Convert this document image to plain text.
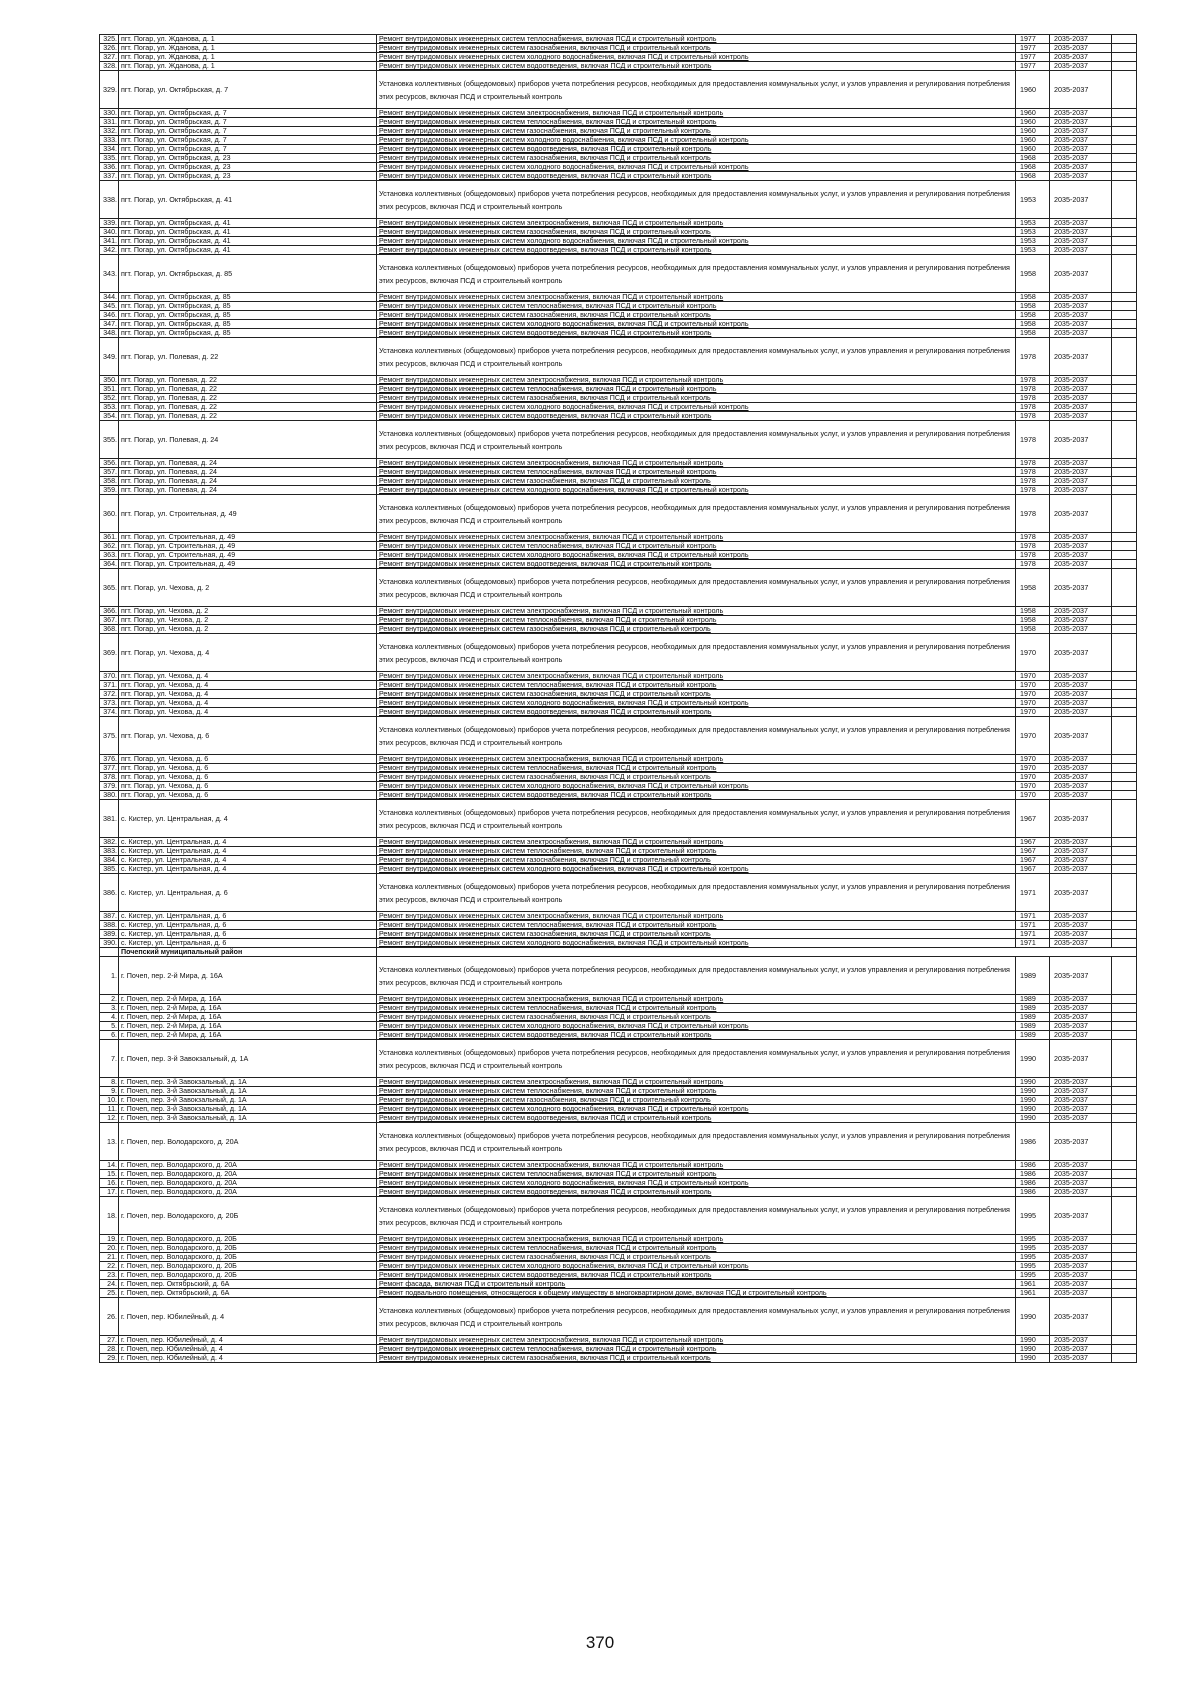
325.	пгт. Погар, ул. Жданова, д. 1	Ремонт внутридомовых инженерных систем теплоснабжения, включая ПСД и строительный контроль	1977	2035-2037	
326.	пгт. Погар, ул. Жданова, д. 1	Ремонт внутридомовых инженерных систем газоснабжения, включая ПСД и строительный контроль	1977	2035-2037	
327.	пгт. Погар, ул. Жданова, д. 1	Ремонт внутридомовых инженерных систем холодного водоснабжения, включая ПСД и строительный контроль	1977	2035-2037	
328.	пгт. Погар, ул. Жданова, д. 1	Ремонт внутридомовых инженерных систем водоотведения, включая ПСД и строительный контроль	1977	2035-2037	
329.	пгт. Погар, ул. Октябрьская, д. 7	Установка коллективных (общедомовых) приборов учета потребления ресурсов, необходимых для предоставления коммунальных услуг, и узлов управления и регулирования потребления этих ресурсов, включая ПСД и строительный контроль	1960	2035-2037	
330.	пгт. Погар, ул. Октябрьская, д. 7	Ремонт внутридомовых инженерных систем электроснабжения, включая ПСД и строительный контроль	1960	2035-2037	
331.	пгт. Погар, ул. Октябрьская, д. 7	Ремонт внутридомовых инженерных систем теплоснабжения, включая ПСД и строительный контроль	1960	2035-2037	
332.	пгт. Погар, ул. Октябрьская, д. 7	Ремонт внутридомовых инженерных систем газоснабжения, включая ПСД и строительный контроль	1960	2035-2037	
333.	пгт. Погар, ул. Октябрьская, д. 7	Ремонт внутридомовых инженерных систем холодного водоснабжения, включая ПСД и строительный контроль	1960	2035-2037	
334.	пгт. Погар, ул. Октябрьская, д. 7	Ремонт внутридомовых инженерных систем водоотведения, включая ПСД и строительный контроль	1960	2035-2037	
335.	пгт. Погар, ул. Октябрьская, д. 23	Ремонт внутридомовых инженерных систем газоснабжения, включая ПСД и строительный контроль	1968	2035-2037	
336.	пгт. Погар, ул. Октябрьская, д. 23	Ремонт внутридомовых инженерных систем холодного водоснабжения, включая ПСД и строительный контроль	1968	2035-2037	
337.	пгт. Погар, ул. Октябрьская, д. 23	Ремонт внутридомовых инженерных систем водоотведения, включая ПСД и строительный контроль	1968	2035-2037	
338.	пгт. Погар, ул. Октябрьская, д. 41	Установка коллективных (общедомовых) приборов учета потребления ресурсов, необходимых для предоставления коммунальных услуг, и узлов управления и регулирования потребления этих ресурсов, включая ПСД и строительный контроль	1953	2035-2037	
339.	пгт. Погар, ул. Октябрьская, д. 41	Ремонт внутридомовых инженерных систем электроснабжения, включая ПСД и строительный контроль	1953	2035-2037	
340.	пгт. Погар, ул. Октябрьская, д. 41	Ремонт внутридомовых инженерных систем газоснабжения, включая ПСД и строительный контроль	1953	2035-2037	
341.	пгт. Погар, ул. Октябрьская, д. 41	Ремонт внутридомовых инженерных систем холодного водоснабжения, включая ПСД и строительный контроль	1953	2035-2037	
342.	пгт. Погар, ул. Октябрьская, д. 41	Ремонт внутридомовых инженерных систем водоотведения, включая ПСД и строительный контроль	1953	2035-2037	
343.	пгт. Погар, ул. Октябрьская, д. 85	Установка коллективных (общедомовых) приборов учета потребления ресурсов, необходимых для предоставления коммунальных услуг, и узлов управления и регулирования потребления этих ресурсов, включая ПСД и строительный контроль	1958	2035-2037	
344.	пгт. Погар, ул. Октябрьская, д. 85	Ремонт внутридомовых инженерных систем электроснабжения, включая ПСД и строительный контроль	1958	2035-2037	
345.	пгт. Погар, ул. Октябрьская, д. 85	Ремонт внутридомовых инженерных систем теплоснабжения, включая ПСД и строительный контроль	1958	2035-2037	
346.	пгт. Погар, ул. Октябрьская, д. 85	Ремонт внутридомовых инженерных систем газоснабжения, включая ПСД и строительный контроль	1958	2035-2037	
347.	пгт. Погар, ул. Октябрьская, д. 85	Ремонт внутридомовых инженерных систем холодного водоснабжения, включая ПСД и строительный контроль	1958	2035-2037	
348.	пгт. Погар, ул. Октябрьская, д. 85	Ремонт внутридомовых инженерных систем водоотведения, включая ПСД и строительный контроль	1958	2035-2037	
349.	пгт. Погар, ул. Полевая, д. 22	Установка коллективных (общедомовых) приборов учета потребления ресурсов, необходимых для предоставления коммунальных услуг, и узлов управления и регулирования потребления этих ресурсов, включая ПСД и строительный контроль	1978	2035-2037	
350.	пгт. Погар, ул. Полевая, д. 22	Ремонт внутридомовых инженерных систем электроснабжения, включая ПСД и строительный контроль	1978	2035-2037	
351.	пгт. Погар, ул. Полевая, д. 22	Ремонт внутридомовых инженерных систем теплоснабжения, включая ПСД и строительный контроль	1978	2035-2037	
352.	пгт. Погар, ул. Полевая, д. 22	Ремонт внутридомовых инженерных систем газоснабжения, включая ПСД и строительный контроль	1978	2035-2037	
353.	пгт. Погар, ул. Полевая, д. 22	Ремонт внутридомовых инженерных систем холодного водоснабжения, включая ПСД и строительный контроль	1978	2035-2037	
354.	пгт. Погар, ул. Полевая, д. 22	Ремонт внутридомовых инженерных систем водоотведения, включая ПСД и строительный контроль	1978	2035-2037	
355.	пгт. Погар, ул. Полевая, д. 24	Установка коллективных (общедомовых) приборов учета потребления ресурсов, необходимых для предоставления коммунальных услуг, и узлов управления и регулирования потребления этих ресурсов, включая ПСД и строительный контроль	1978	2035-2037	
356.	пгт. Погар, ул. Полевая, д. 24	Ремонт внутридомовых инженерных систем электроснабжения, включая ПСД и строительный контроль	1978	2035-2037	
357.	пгт. Погар, ул. Полевая, д. 24	Ремонт внутридомовых инженерных систем теплоснабжения, включая ПСД и строительный контроль	1978	2035-2037	
358.	пгт. Погар, ул. Полевая, д. 24	Ремонт внутридомовых инженерных систем газоснабжения, включая ПСД и строительный контроль	1978	2035-2037	
359.	пгт. Погар, ул. Полевая, д. 24	Ремонт внутридомовых инженерных систем холодного водоснабжения, включая ПСД и строительный контроль	1978	2035-2037	
360.	пгт. Погар, ул. Строительная, д. 49	Установка коллективных (общедомовых) приборов учета потребления ресурсов, необходимых для предоставления коммунальных услуг, и узлов управления и регулирования потребления этих ресурсов, включая ПСД и строительный контроль	1978	2035-2037	
361.	пгт. Погар, ул. Строительная, д. 49	Ремонт внутридомовых инженерных систем электроснабжения, включая ПСД и строительный контроль	1978	2035-2037	
362.	пгт. Погар, ул. Строительная, д. 49	Ремонт внутридомовых инженерных систем теплоснабжения, включая ПСД и строительный контроль	1978	2035-2037	
363.	пгт. Погар, ул. Строительная, д. 49	Ремонт внутридомовых инженерных систем холодного водоснабжения, включая ПСД и строительный контроль	1978	2035-2037	
364.	пгт. Погар, ул. Строительная, д. 49	Ремонт внутридомовых инженерных систем водоотведения, включая ПСД и строительный контроль	1978	2035-2037	
365.	пгт. Погар, ул. Чехова, д. 2	Установка коллективных (общедомовых) приборов учета потребления ресурсов, необходимых для предоставления коммунальных услуг, и узлов управления и регулирования потребления этих ресурсов, включая ПСД и строительный контроль	1958	2035-2037	
366.	пгт. Погар, ул. Чехова, д. 2	Ремонт внутридомовых инженерных систем электроснабжения, включая ПСД и строительный контроль	1958	2035-2037	
367.	пгт. Погар, ул. Чехова, д. 2	Ремонт внутридомовых инженерных систем теплоснабжения, включая ПСД и строительный контроль	1958	2035-2037	
368.	пгт. Погар, ул. Чехова, д. 2	Ремонт внутридомовых инженерных систем газоснабжения, включая ПСД и строительный контроль	1958	2035-2037	
369.	пгт. Погар, ул. Чехова, д. 4	Установка коллективных (общедомовых) приборов учета потребления ресурсов, необходимых для предоставления коммунальных услуг, и узлов управления и регулирования потребления этих ресурсов, включая ПСД и строительный контроль	1970	2035-2037	
370.	пгт. Погар, ул. Чехова, д. 4	Ремонт внутридомовых инженерных систем электроснабжения, включая ПСД и строительный контроль	1970	2035-2037	
371.	пгт. Погар, ул. Чехова, д. 4	Ремонт внутридомовых инженерных систем теплоснабжения, включая ПСД и строительный контроль	1970	2035-2037	
372.	пгт. Погар, ул. Чехова, д. 4	Ремонт внутридомовых инженерных систем газоснабжения, включая ПСД и строительный контроль	1970	2035-2037	
373.	пгт. Погар, ул. Чехова, д. 4	Ремонт внутридомовых инженерных систем холодного водоснабжения, включая ПСД и строительный контроль	1970	2035-2037	
374.	пгт. Погар, ул. Чехова, д. 4	Ремонт внутридомовых инженерных систем водоотведения, включая ПСД и строительный контроль	1970	2035-2037	
375.	пгт. Погар, ул. Чехова, д. 6	Установка коллективных (общедомовых) приборов учета потребления ресурсов, необходимых для предоставления коммунальных услуг, и узлов управления и регулирования потребления этих ресурсов, включая ПСД и строительный контроль	1970	2035-2037	
376.	пгт. Погар, ул. Чехова, д. 6	Ремонт внутридомовых инженерных систем электроснабжения, включая ПСД и строительный контроль	1970	2035-2037	
377.	пгт. Погар, ул. Чехова, д. 6	Ремонт внутридомовых инженерных систем теплоснабжения, включая ПСД и строительный контроль	1970	2035-2037	
378.	пгт. Погар, ул. Чехова, д. 6	Ремонт внутридомовых инженерных систем газоснабжения, включая ПСД и строительный контроль	1970	2035-2037	
379.	пгт. Погар, ул. Чехова, д. 6	Ремонт внутридомовых инженерных систем холодного водоснабжения, включая ПСД и строительный контроль	1970	2035-2037	
380.	пгт. Погар, ул. Чехова, д. 6	Ремонт внутридомовых инженерных систем водоотведения, включая ПСД и строительный контроль	1970	2035-2037	
381.	с. Кистер, ул. Центральная, д. 4	Установка коллективных (общедомовых) приборов учета потребления ресурсов, необходимых для предоставления коммунальных услуг, и узлов управления и регулирования потребления этих ресурсов, включая ПСД и строительный контроль	1967	2035-2037	
382.	с. Кистер, ул. Центральная, д. 4	Ремонт внутридомовых инженерных систем электроснабжения, включая ПСД и строительный контроль	1967	2035-2037	
383.	с. Кистер, ул. Центральная, д. 4	Ремонт внутридомовых инженерных систем теплоснабжения, включая ПСД и строительный контроль	1967	2035-2037	
384.	с. Кистер, ул. Центральная, д. 4	Ремонт внутридомовых инженерных систем газоснабжения, включая ПСД и строительный контроль	1967	2035-2037	
385.	с. Кистер, ул. Центральная, д. 4	Ремонт внутридомовых инженерных систем холодного водоснабжения, включая ПСД и строительный контроль	1967	2035-2037	
386.	с. Кистер, ул. Центральная, д. 6	Установка коллективных (общедомовых) приборов учета потребления ресурсов, необходимых для предоставления коммунальных услуг, и узлов управления и регулирования потребления этих ресурсов, включая ПСД и строительный контроль	1971	2035-2037	
387.	с. Кистер, ул. Центральная, д. 6	Ремонт внутридомовых инженерных систем электроснабжения, включая ПСД и строительный контроль	1971	2035-2037	
388.	с. Кистер, ул. Центральная, д. 6	Ремонт внутридомовых инженерных систем теплоснабжения, включая ПСД и строительный контроль	1971	2035-2037	
389.	с. Кистер, ул. Центральная, д. 6	Ремонт внутридомовых инженерных систем газоснабжения, включая ПСД и строительный контроль	1971	2035-2037	
390.	с. Кистер, ул. Центральная, д. 6	Ремонт внутридомовых инженерных систем холодного водоснабжения, включая ПСД и строительный контроль	1971	2035-2037	
	Почепский муниципальный район				
1.	г. Почеп, пер. 2-й Мира, д. 16А	Установка коллективных (общедомовых) приборов учета потребления ресурсов, необходимых для предоставления коммунальных услуг, и узлов управления и регулирования потребления этих ресурсов, включая ПСД и строительный контроль	1989	2035-2037	
2.	г. Почеп, пер. 2-й Мира, д. 16А	Ремонт внутридомовых инженерных систем электроснабжения, включая ПСД и строительный контроль	1989	2035-2037	
3.	г. Почеп, пер. 2-й Мира, д. 16А	Ремонт внутридомовых инженерных систем теплоснабжения, включая ПСД и строительный контроль	1989	2035-2037	
4.	г. Почеп, пер. 2-й Мира, д. 16А	Ремонт внутридомовых инженерных систем газоснабжения, включая ПСД и строительный контроль	1989	2035-2037	
5.	г. Почеп, пер. 2-й Мира, д. 16А	Ремонт внутридомовых инженерных систем холодного водоснабжения, включая ПСД и строительный контроль	1989	2035-2037	
6.	г. Почеп, пер. 2-й Мира, д. 16А	Ремонт внутридомовых инженерных систем водоотведения, включая ПСД и строительный контроль	1989	2035-2037	
7.	г. Почеп, пер. 3-й Завокзальный, д. 1А	Установка коллективных (общедомовых) приборов учета потребления ресурсов, необходимых для предоставления коммунальных услуг, и узлов управления и регулирования потребления этих ресурсов, включая ПСД и строительный контроль	1990	2035-2037	
8.	г. Почеп, пер. 3-й Завокзальный, д. 1А	Ремонт внутридомовых инженерных систем электроснабжения, включая ПСД и строительный контроль	1990	2035-2037	
9.	г. Почеп, пер. 3-й Завокзальный, д. 1А	Ремонт внутридомовых инженерных систем теплоснабжения, включая ПСД и строительный контроль	1990	2035-2037	
10.	г. Почеп, пер. 3-й Завокзальный, д. 1А	Ремонт внутридомовых инженерных систем газоснабжения, включая ПСД и строительный контроль	1990	2035-2037	
11.	г. Почеп, пер. 3-й Завокзальный, д. 1А	Ремонт внутридомовых инженерных систем холодного водоснабжения, включая ПСД и строительный контроль	1990	2035-2037	
12.	г. Почеп, пер. 3-й Завокзальный, д. 1А	Ремонт внутридомовых инженерных систем водоотведения, включая ПСД и строительный контроль	1990	2035-2037	
13.	г. Почеп, пер. Володарского, д. 20А	Установка коллективных (общедомовых) приборов учета потребления ресурсов, необходимых для предоставления коммунальных услуг, и узлов управления и регулирования потребления этих ресурсов, включая ПСД и строительный контроль	1986	2035-2037	
14.	г. Почеп, пер. Володарского, д. 20А	Ремонт внутридомовых инженерных систем электроснабжения, включая ПСД и строительный контроль	1986	2035-2037	
15.	г. Почеп, пер. Володарского, д. 20А	Ремонт внутридомовых инженерных систем теплоснабжения, включая ПСД и строительный контроль	1986	2035-2037	
16.	г. Почеп, пер. Володарского, д. 20А	Ремонт внутридомовых инженерных систем холодного водоснабжения, включая ПСД и строительный контроль	1986	2035-2037	
17.	г. Почеп, пер. Володарского, д. 20А	Ремонт внутридомовых инженерных систем водоотведения, включая ПСД и строительный контроль	1986	2035-2037	
18.	г. Почеп, пер. Володарского, д. 20Б	Установка коллективных (общедомовых) приборов учета потребления ресурсов, необходимых для предоставления коммунальных услуг, и узлов управления и регулирования потребления этих ресурсов, включая ПСД и строительный контроль	1995	2035-2037	
19.	г. Почеп, пер. Володарского, д. 20Б	Ремонт внутридомовых инженерных систем электроснабжения, включая ПСД и строительный контроль	1995	2035-2037	
20.	г. Почеп, пер. Володарского, д. 20Б	Ремонт внутридомовых инженерных систем теплоснабжения, включая ПСД и строительный контроль	1995	2035-2037	
21.	г. Почеп, пер. Володарского, д. 20Б	Ремонт внутридомовых инженерных систем газоснабжения, включая ПСД и строительный контроль	1995	2035-2037	
22.	г. Почеп, пер. Володарского, д. 20Б	Ремонт внутридомовых инженерных систем холодного водоснабжения, включая ПСД и строительный контроль	1995	2035-2037	
23.	г. Почеп, пер. Володарского, д. 20Б	Ремонт внутридомовых инженерных систем водоотведения, включая ПСД и строительный контроль	1995	2035-2037	
24.	г. Почеп, пер. Октябрьский, д. 6А	Ремонт фасада, включая ПСД и строительный контроль	1961	2035-2037	
25.	г. Почеп, пер. Октябрьский, д. 6А	Ремонт подвального помещения, относящегося к общему имуществу в многоквартирном доме, включая ПСД и строительный контроль	1961	2035-2037	
26.	г. Почеп, пер. Юбилейный, д. 4	Установка коллективных (общедомовых) приборов учета потребления ресурсов, необходимых для предоставления коммунальных услуг, и узлов управления и регулирования потребления этих ресурсов, включая ПСД и строительный контроль	1990	2035-2037	
27.	г. Почеп, пер. Юбилейный, д. 4	Ремонт внутридомовых инженерных систем электроснабжения, включая ПСД и строительный контроль	1990	2035-2037	
28.	г. Почеп, пер. Юбилейный, д. 4	Ремонт внутридомовых инженерных систем теплоснабжения, включая ПСД и строительный контроль	1990	2035-2037	
29.	г. Почеп, пер. Юбилейный, д. 4	Ремонт внутридомовых инженерных систем газоснабжения, включая ПСД и строительный контроль	1990	2035-2037	
370
